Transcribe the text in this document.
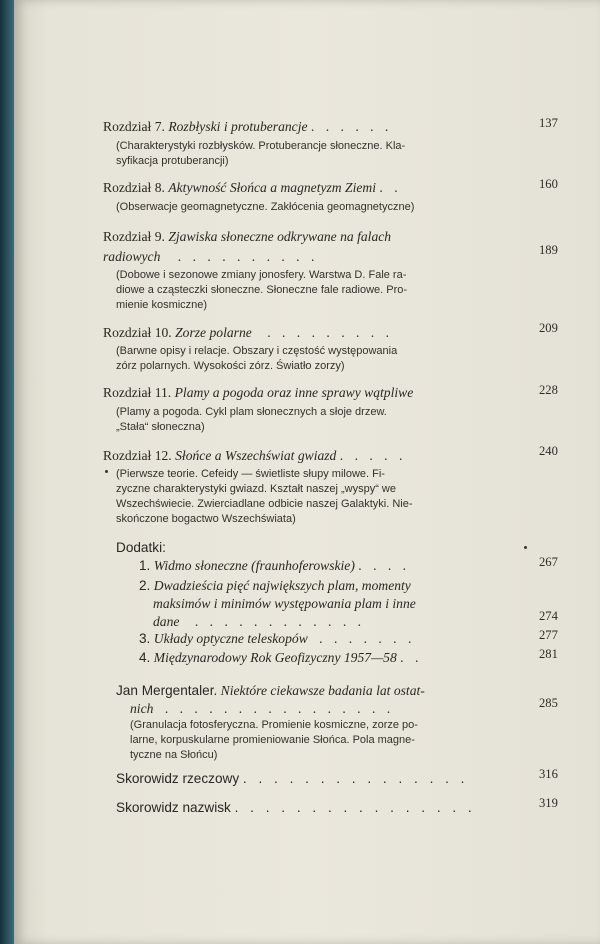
Rozdział 7. Rozbłyski i protuberancje . . . . . .	137
(Charakterystyki rozbłysków. Protuberancje słoneczne. Kla-
syfikacja protuberancji)
Rozdział 8. Aktywność Słońca a magnetyzm Ziemi . .	160
(Obserwacje geomagnetyczne. Zakłócenia geomagnetyczne)
Rozdział 9. Zjawiska słoneczne odkrywane na falach
radiowych . . . . . . . . . .	189
(Dobowe i sezonowe zmiany jonosfery. Warstwa D. Fale ra-
diowe a cząsteczki słoneczne. Słoneczne fale radiowe. Pro-
mienie kosmiczne)
Rozdział 10. Zorze polarne . . . . . . . . .	209
(Barwne opisy i relacje. Obszary i częstość występowania
zórz polarnych. Wysokości zórz. Światło zorzy)
Rozdział 11. Plamy a pogoda oraz inne sprawy wątpliwe	228
(Plamy a pogoda. Cykl plam słonecznych a słoje drzew.
„Stała“ słoneczna)
Rozdział 12. Słońce a Wszechświat gwiazd . . . . .	240
(Pierwsze teorie. Cefeidy — świetliste słupy milowe. Fi-
zyczne charakterystyki gwiazd. Kształt naszej „wyspy“ we
Wszechświecie. Zwierciadlane odbicie naszej Galaktyki. Nie-
skończone bogactwo Wszechświata)
Dodatki:
1. Widmo słoneczne (fraunhoferowskie) . . . .	267
2. Dwadzieścia pięć największych plam, momenty
maksimów i minimów występowania plam i inne
dane . . . . . . . . . . . .	274
3. Układy optyczne teleskopów . . . . . . .	277
4. Międzynarodowy Rok Geofizyczny 1957—58 . .	281
Jan Mergentaler. Niektóre ciekawsze badania lat ostat-
nich . . . . . . . . . . . . . . . .	285
(Granulacja fotosferyczna. Promienie kosmiczne, zorze po-
larne, korpuskularne promieniowanie Słońca. Pola magne-
tyczne na Słońcu)
Skorowidz rzeczowy . . . . . . . . . . . . . . .	316
Skorowidz nazwisk . . . . . . . . . . . . . . . .	319
